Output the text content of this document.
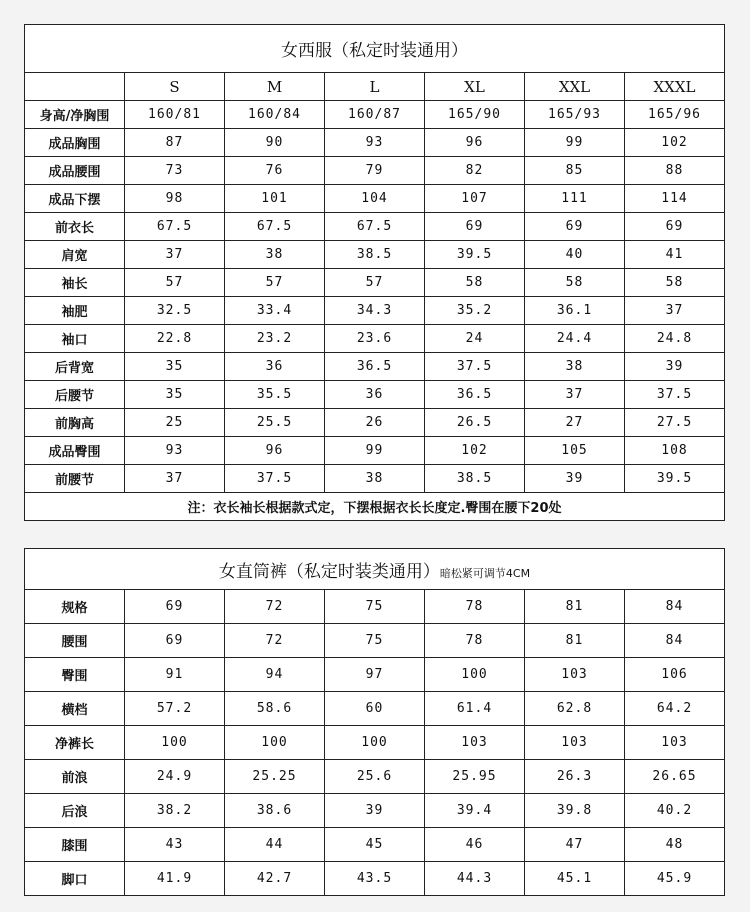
女西服（私定时装通用）						
	S	M	L	XL	XXL	XXXL
身高/净胸围	160/81	160/84	160/87	165/90	165/93	165/96
成品胸围	87	90	93	96	99	102
成品腰围	73	76	79	82	85	88
成品下摆	98	101	104	107	111	114
前衣长	67.5	67.5	67.5	69	69	69
肩宽	37	38	38.5	39.5	40	41
袖长	57	57	57	58	58	58
袖肥	32.5	33.4	34.3	35.2	36.1	37
袖口	22.8	23.2	23.6	24	24.4	24.8
后背宽	35	36	36.5	37.5	38	39
后腰节	35	35.5	36	36.5	37	37.5
前胸高	25	25.5	26	26.5	27	27.5
成品臀围	93	96	99	102	105	108
前腰节	37	37.5	38	38.5	39	39.5
注：衣长袖长根据款式定，下摆根据衣长长度定.臀围在腰下20处						
女直筒裤（私定时装类通用）暗松紧可调节4CM						
规格	69	72	75	78	81	84
腰围	69	72	75	78	81	84
臀围	91	94	97	100	103	106
横档	57.2	58.6	60	61.4	62.8	64.2
净裤长	100	100	100	103	103	103
前浪	24.9	25.25	25.6	25.95	26.3	26.65
后浪	38.2	38.6	39	39.4	39.8	40.2
膝围	43	44	45	46	47	48
脚口	41.9	42.7	43.5	44.3	45.1	45.9
